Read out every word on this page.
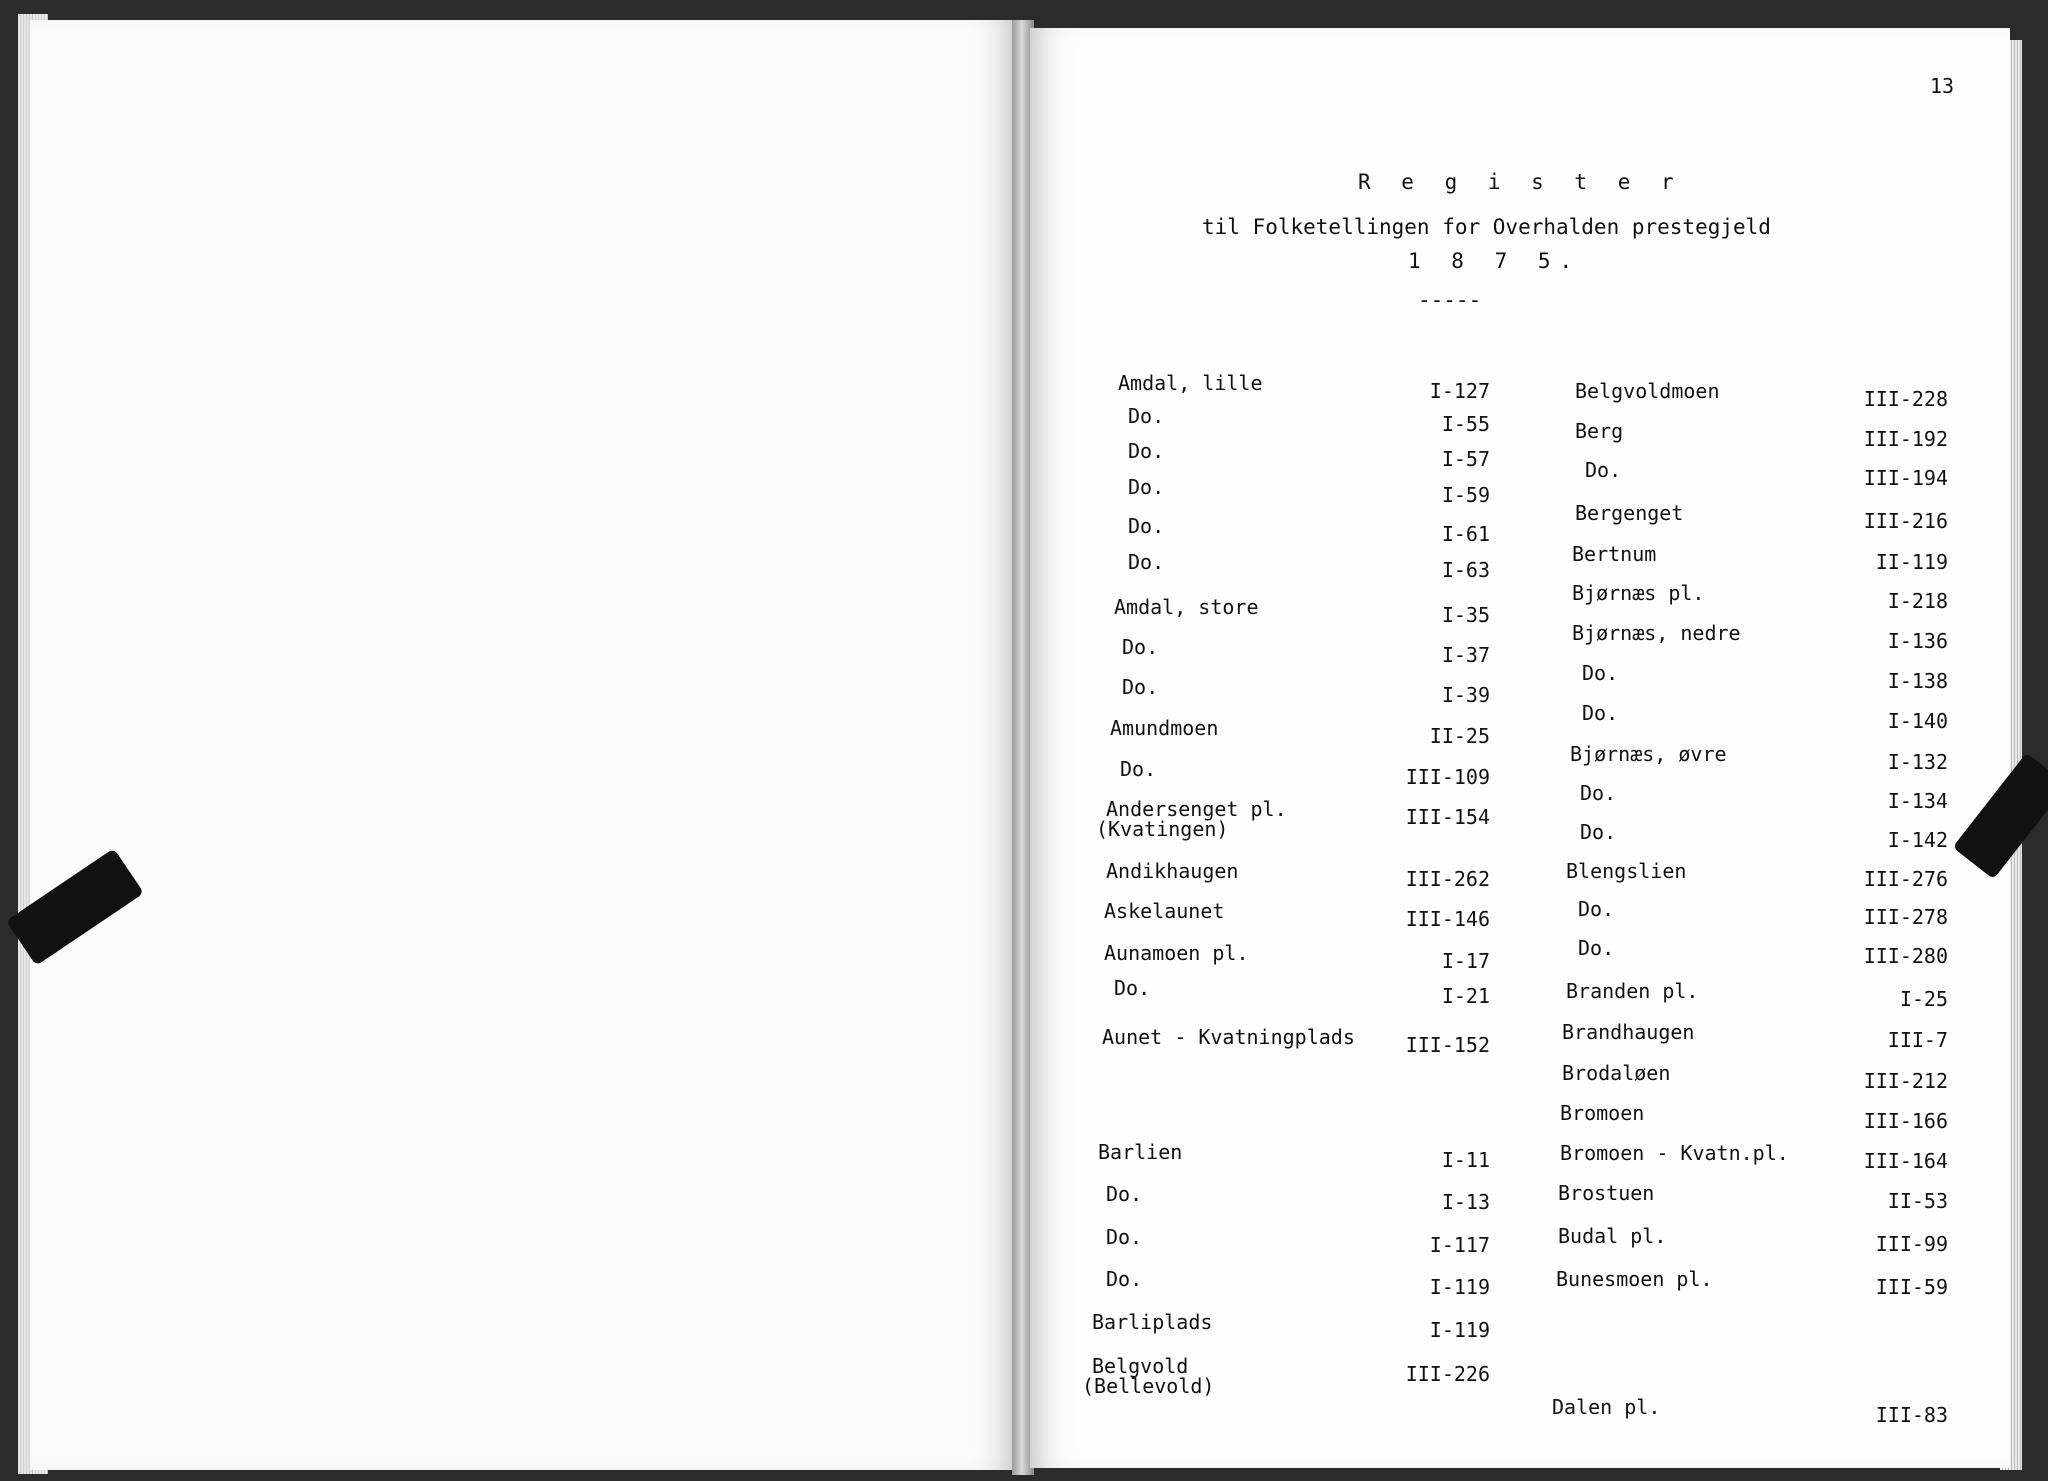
13
R e g i s t e r
til Folketellingen for Overhalden prestegjeld
1 8 7 5.
-----
Amdal, lille	I-127
Do.	I-55
Do.	I-57
Do.	I-59
Do.	I-61
Do.	I-63
Amdal, store	I-35
Do.	I-37
Do.	I-39
Amundmoen	II-25
Do.	III-109
Andersenget pl.
(Kvatingen)	III-154
Andikhaugen	III-262
Askelaunet	III-146
Aunamoen pl.	I-17
Do.	I-21
Aunet - Kvatningplads	III-152
Barlien	I-11
Do.	I-13
Do.	I-117
Do.	I-119
Barliplads	I-119
Belgvold
(Bellevold)	III-226
Belgvoldmoen	III-228
Berg	III-192
Do.	III-194
Bergenget	III-216
Bertnum	II-119
Bjørnæs pl.	I-218
Bjørnæs, nedre	I-136
Do.	I-138
Do.	I-140
Bjørnæs, øvre	I-132
Do.	I-134
Do.	I-142
Blengslien	III-276
Do.	III-278
Do.	III-280
Branden pl.	I-25
Brandhaugen	III-7
Brodaløen	III-212
Bromoen	III-166
Bromoen - Kvatn.pl.	III-164
Brostuen	II-53
Budal pl.	III-99
Bunesmoen pl.	III-59
Dalen pl.	III-83
